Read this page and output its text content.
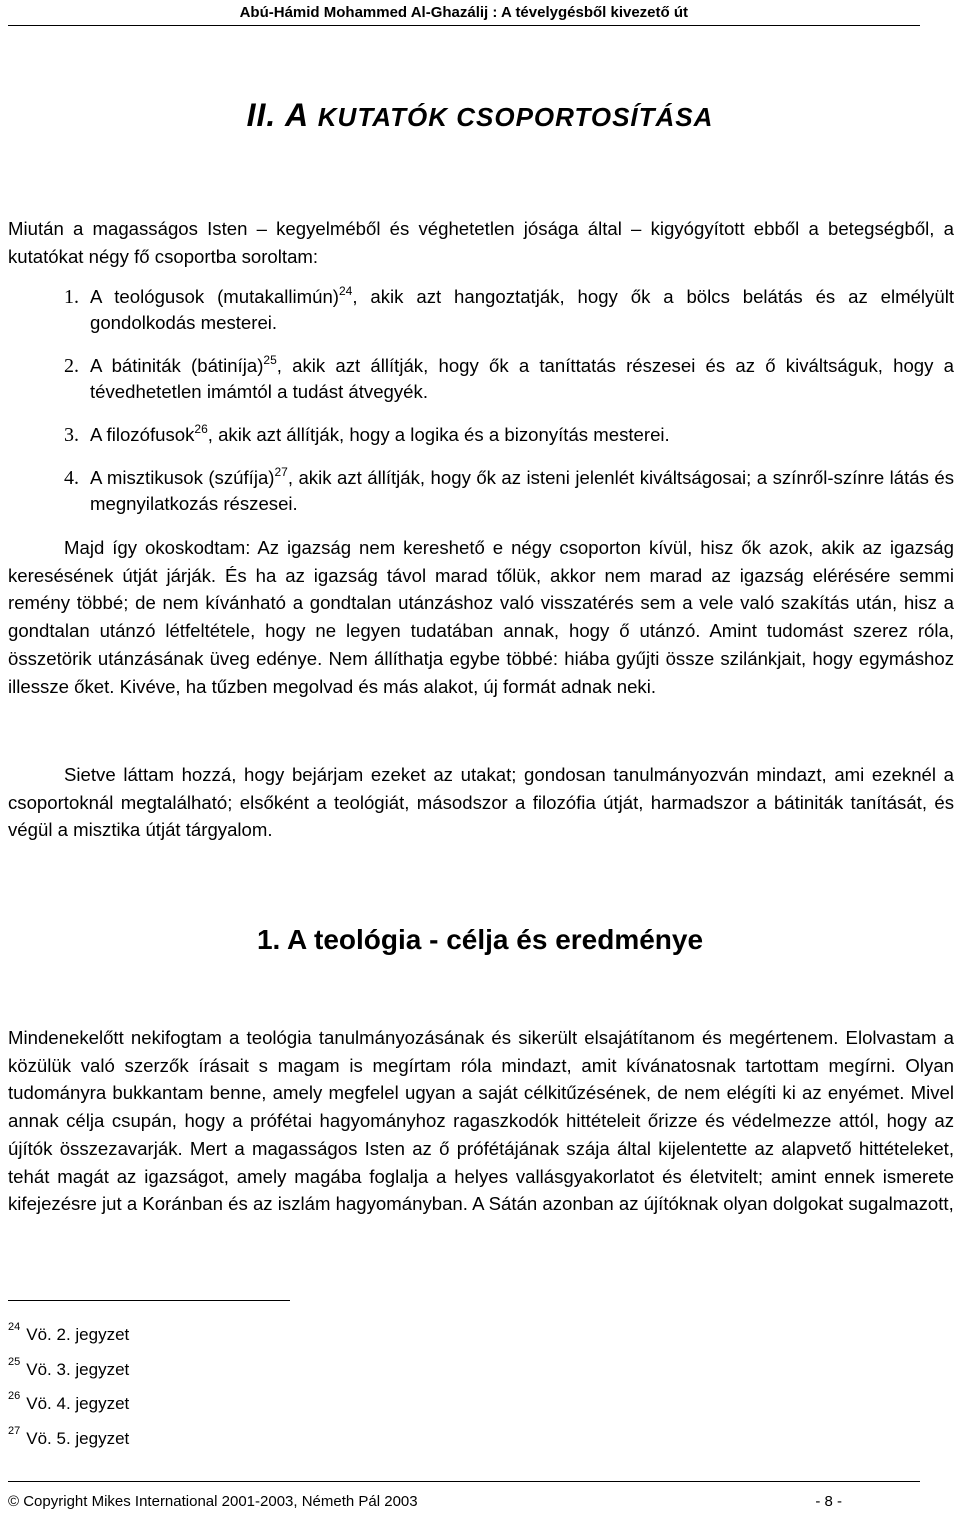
Abú-Hámid Mohammed Al-Ghazálij : A tévelygésből kivezető út
II. A KUTATÓK CSOPORTOSÍTÁSA
Miután a magasságos Isten – kegyelméből és véghetetlen jósága által – kigyógyított ebből a betegségből, a kutatókat négy fő csoportba soroltam:
1. A teológusok (mutakallimún)$^{24}$, akik azt hangoztatják, hogy ők a bölcs belátás és az elmélyült gondolkodás mesterei.
2. A bátiniták (bátiníja)$^{25}$, akik azt állítják, hogy ők a taníttatás részesei és az ő kiváltságuk, hogy a tévedhetetlen imámtól a tudást átvegyék.
3. A filozófusok$^{26}$, akik azt állítják, hogy a logika és a bizonyítás mesterei.
4. A misztikusok (szúfíja)$^{27}$, akik azt állítják, hogy ők az isteni jelenlét kiváltságosai; a színről-színre látás és megnyilatkozás részesei.
Majd így okoskodtam: Az igazság nem kereshető e négy csoporton kívül, hisz ők azok, akik az igazság keresésének útját járják. És ha az igazság távol marad tőlük, akkor nem marad az igazság elérésére semmi remény többé; de nem kívánható a gondtalan utánzáshoz való visszatérés sem a vele való szakítás után, hisz a gondtalan utánzó létfeltétele, hogy ne legyen tudatában annak, hogy ő utánzó. Amint tudomást szerez róla, összetörik utánzásának üveg edénye. Nem állíthatja egybe többé: hiába gyűjti össze szilánkjait, hogy egymáshoz illessze őket. Kivéve, ha tűzben megolvad és más alakot, új formát adnak neki.
Sietve láttam hozzá, hogy bejárjam ezeket az utakat; gondosan tanulmányozván mindazt, ami ezeknél a csoportoknál megtalálható; elsőként a teológiát, másodszor a filozófia útját, harmadszor a bátiniták tanítását, és végül a misztika útját tárgyalom.
1. A teológia - célja és eredménye
Mindenekelőtt nekifogtam a teológia tanulmányozásának és sikerült elsajátítanom és megértenem. Elolvastam a közülük való szerzők írásait s magam is megírtam róla mindazt, amit kívánatosnak tartottam megírni. Olyan tudományra bukkantam benne, amely megfelel ugyan a saját célkitűzésének, de nem elégíti ki az enyémet. Mivel annak célja csupán, hogy a prófétai hagyományhoz ragaszkodók hittételeit őrizze és védelmezze attól, hogy az újítók összezavarják. Mert a magasságos Isten az ő prófétájának szája által kijelentette az alapvető hittételeket, tehát magát az igazságot, amely magába foglalja a helyes vallásgyakorlatot és életvitelt; amint ennek ismerete kifejezésre jut a Koránban és az iszlám hagyományban. A Sátán azonban az újítóknak olyan dolgokat sugalmazott,
$^{24}$ Vö. 2. jegyzet
$^{25}$ Vö. 3. jegyzet
$^{26}$ Vö. 4. jegyzet
$^{27}$ Vö. 5. jegyzet
© Copyright Mikes International 2001-2003, Németh Pál 2003	- 8 -
